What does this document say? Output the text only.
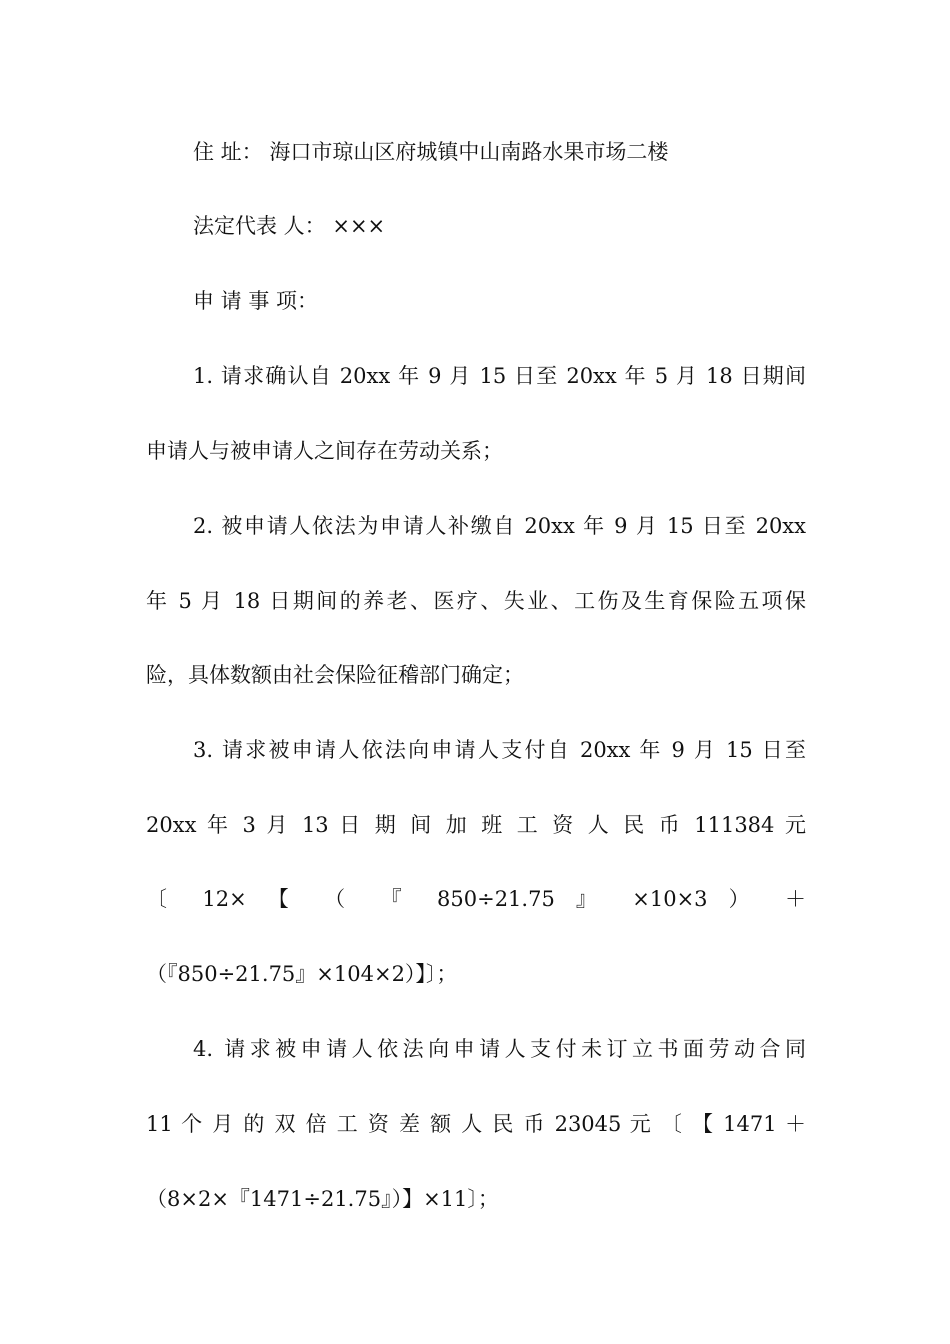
住 址： 海口市琼山区府城镇中山南路水果市场二楼
法定代表 人： ×××
申 请 事 项：
1. 请求确认自 20xx 年 9 月 15 日至 20xx 年 5 月 18 日期间
申请人与被申请人之间存在劳动关系；
2. 被申请人依法为申请人补缴自 20xx 年 9 月 15 日至 20xx
年 5 月 18 日期间的养老、医疗、失业、工伤及生育保险五项保
险，具体数额由社会保险征稽部门确定；
3. 请求被申请人依法向申请人支付自 20xx 年 9 月 15 日至
20xx 年 3 月 13 日 期 间 加 班 工 资 人 民 币 111384 元
〔 12× 【 （ 『 850÷21.75 』 ×10×3 ） ＋
（『850÷21.75』×104×2）】〕；
4. 请求被申请人依法向申请人支付未订立书面劳动合同
11 个 月 的 双 倍 工 资 差 额 人 民 币 23045 元 〔 【 1471 ＋
（8×2×『1471÷21.75』）】×11〕；
